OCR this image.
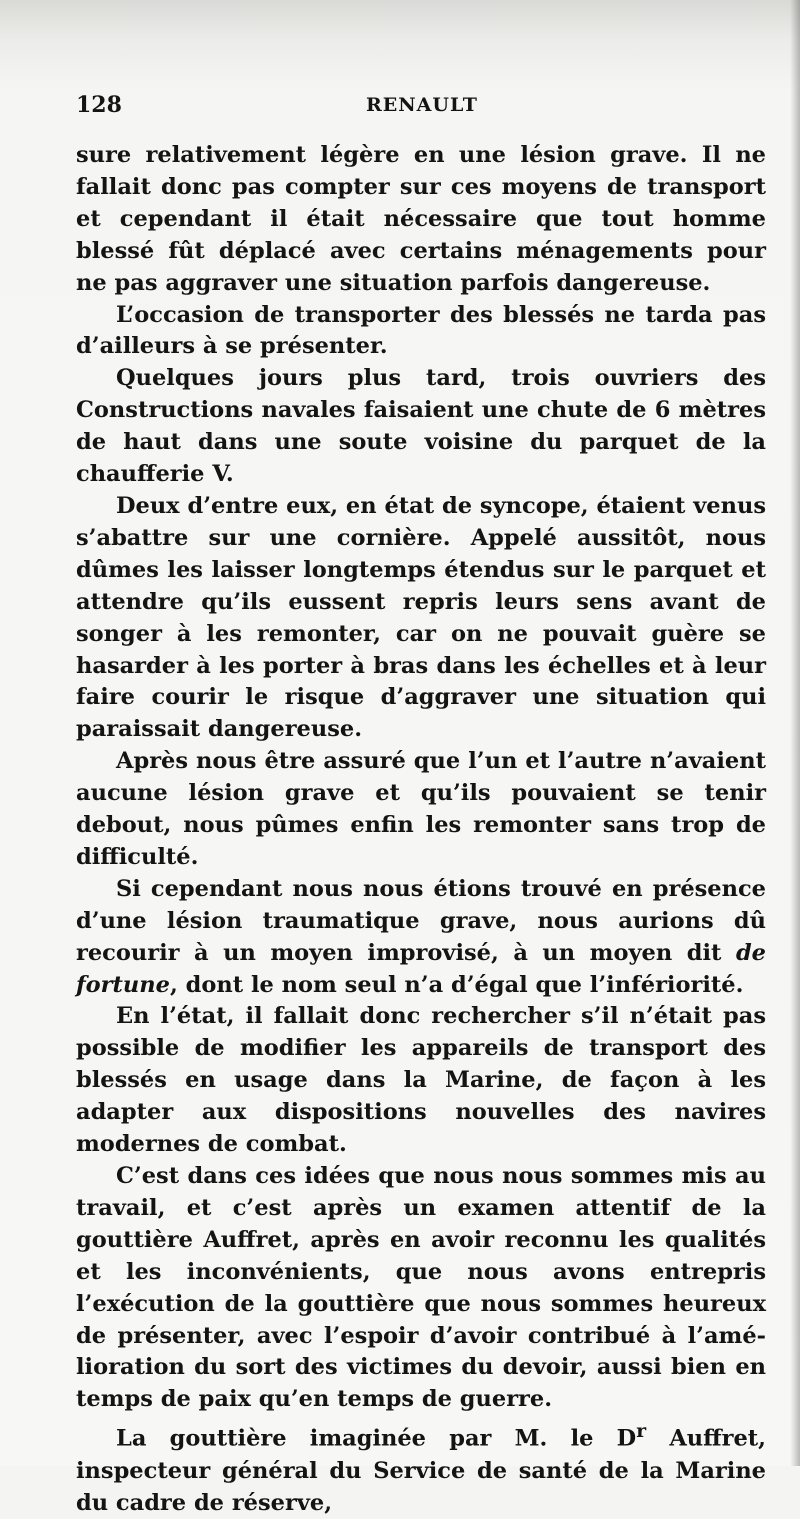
128	RENAULT

sure relativement légère en une lésion grave. Il ne fallait donc pas compter sur ces moyens de transport et cependant il était nécessaire que tout homme blessé fût déplacé avec certains ménagements pour ne pas aggraver une situation parfois dangereuse.

L’occasion de transporter des blessés ne tarda pas d’ailleurs à se présenter.

Quelques jours plus tard, trois ouvriers des Constructions navales faisaient une chute de 6 mètres de haut dans une soute voisine du parquet de la chaufferie V.

Deux d’entre eux, en état de syncope, étaient venus s’abattre sur une cornière. Appelé aussitôt, nous dûmes les laisser longtemps étendus sur le parquet et attendre qu’ils eussent repris leurs sens avant de songer à les remonter, car on ne pouvait guère se hasarder à les porter à bras dans les échelles et à leur faire courir le risque d’aggraver une situation qui paraissait dangereuse.

Après nous être assuré que l’un et l’autre n’avaient aucune lésion grave et qu’ils pouvaient se tenir debout, nous pûmes enfin les remonter sans trop de difficulté.

Si cependant nous nous étions trouvé en présence d’une lésion traumatique grave, nous aurions dû recourir à un moyen improvisé, à un moyen dit de fortune, dont le nom seul n’a d’égal que l’infériorité.

En l’état, il fallait donc rechercher s’il n’était pas possible de modifier les appareils de transport des blessés en usage dans la Marine, de façon à les adapter aux dispositions nouvelles des navires modernes de combat.

C’est dans ces idées que nous nous sommes mis au travail, et c’est après un examen attentif de la gouttière Auffret, après en avoir reconnu les qualités et les inconvénients, que nous avons entrepris l’exécution de la gouttière que nous sommes heureux de présenter, avec l’espoir d’avoir contribué à l’amélioration du sort des victimes du devoir, aussi bien en temps de paix qu’en temps de guerre.

La gouttière imaginée par M. le $D^r$ Auffret, inspecteur général du Service de santé de la Marine du cadre de réserve,
